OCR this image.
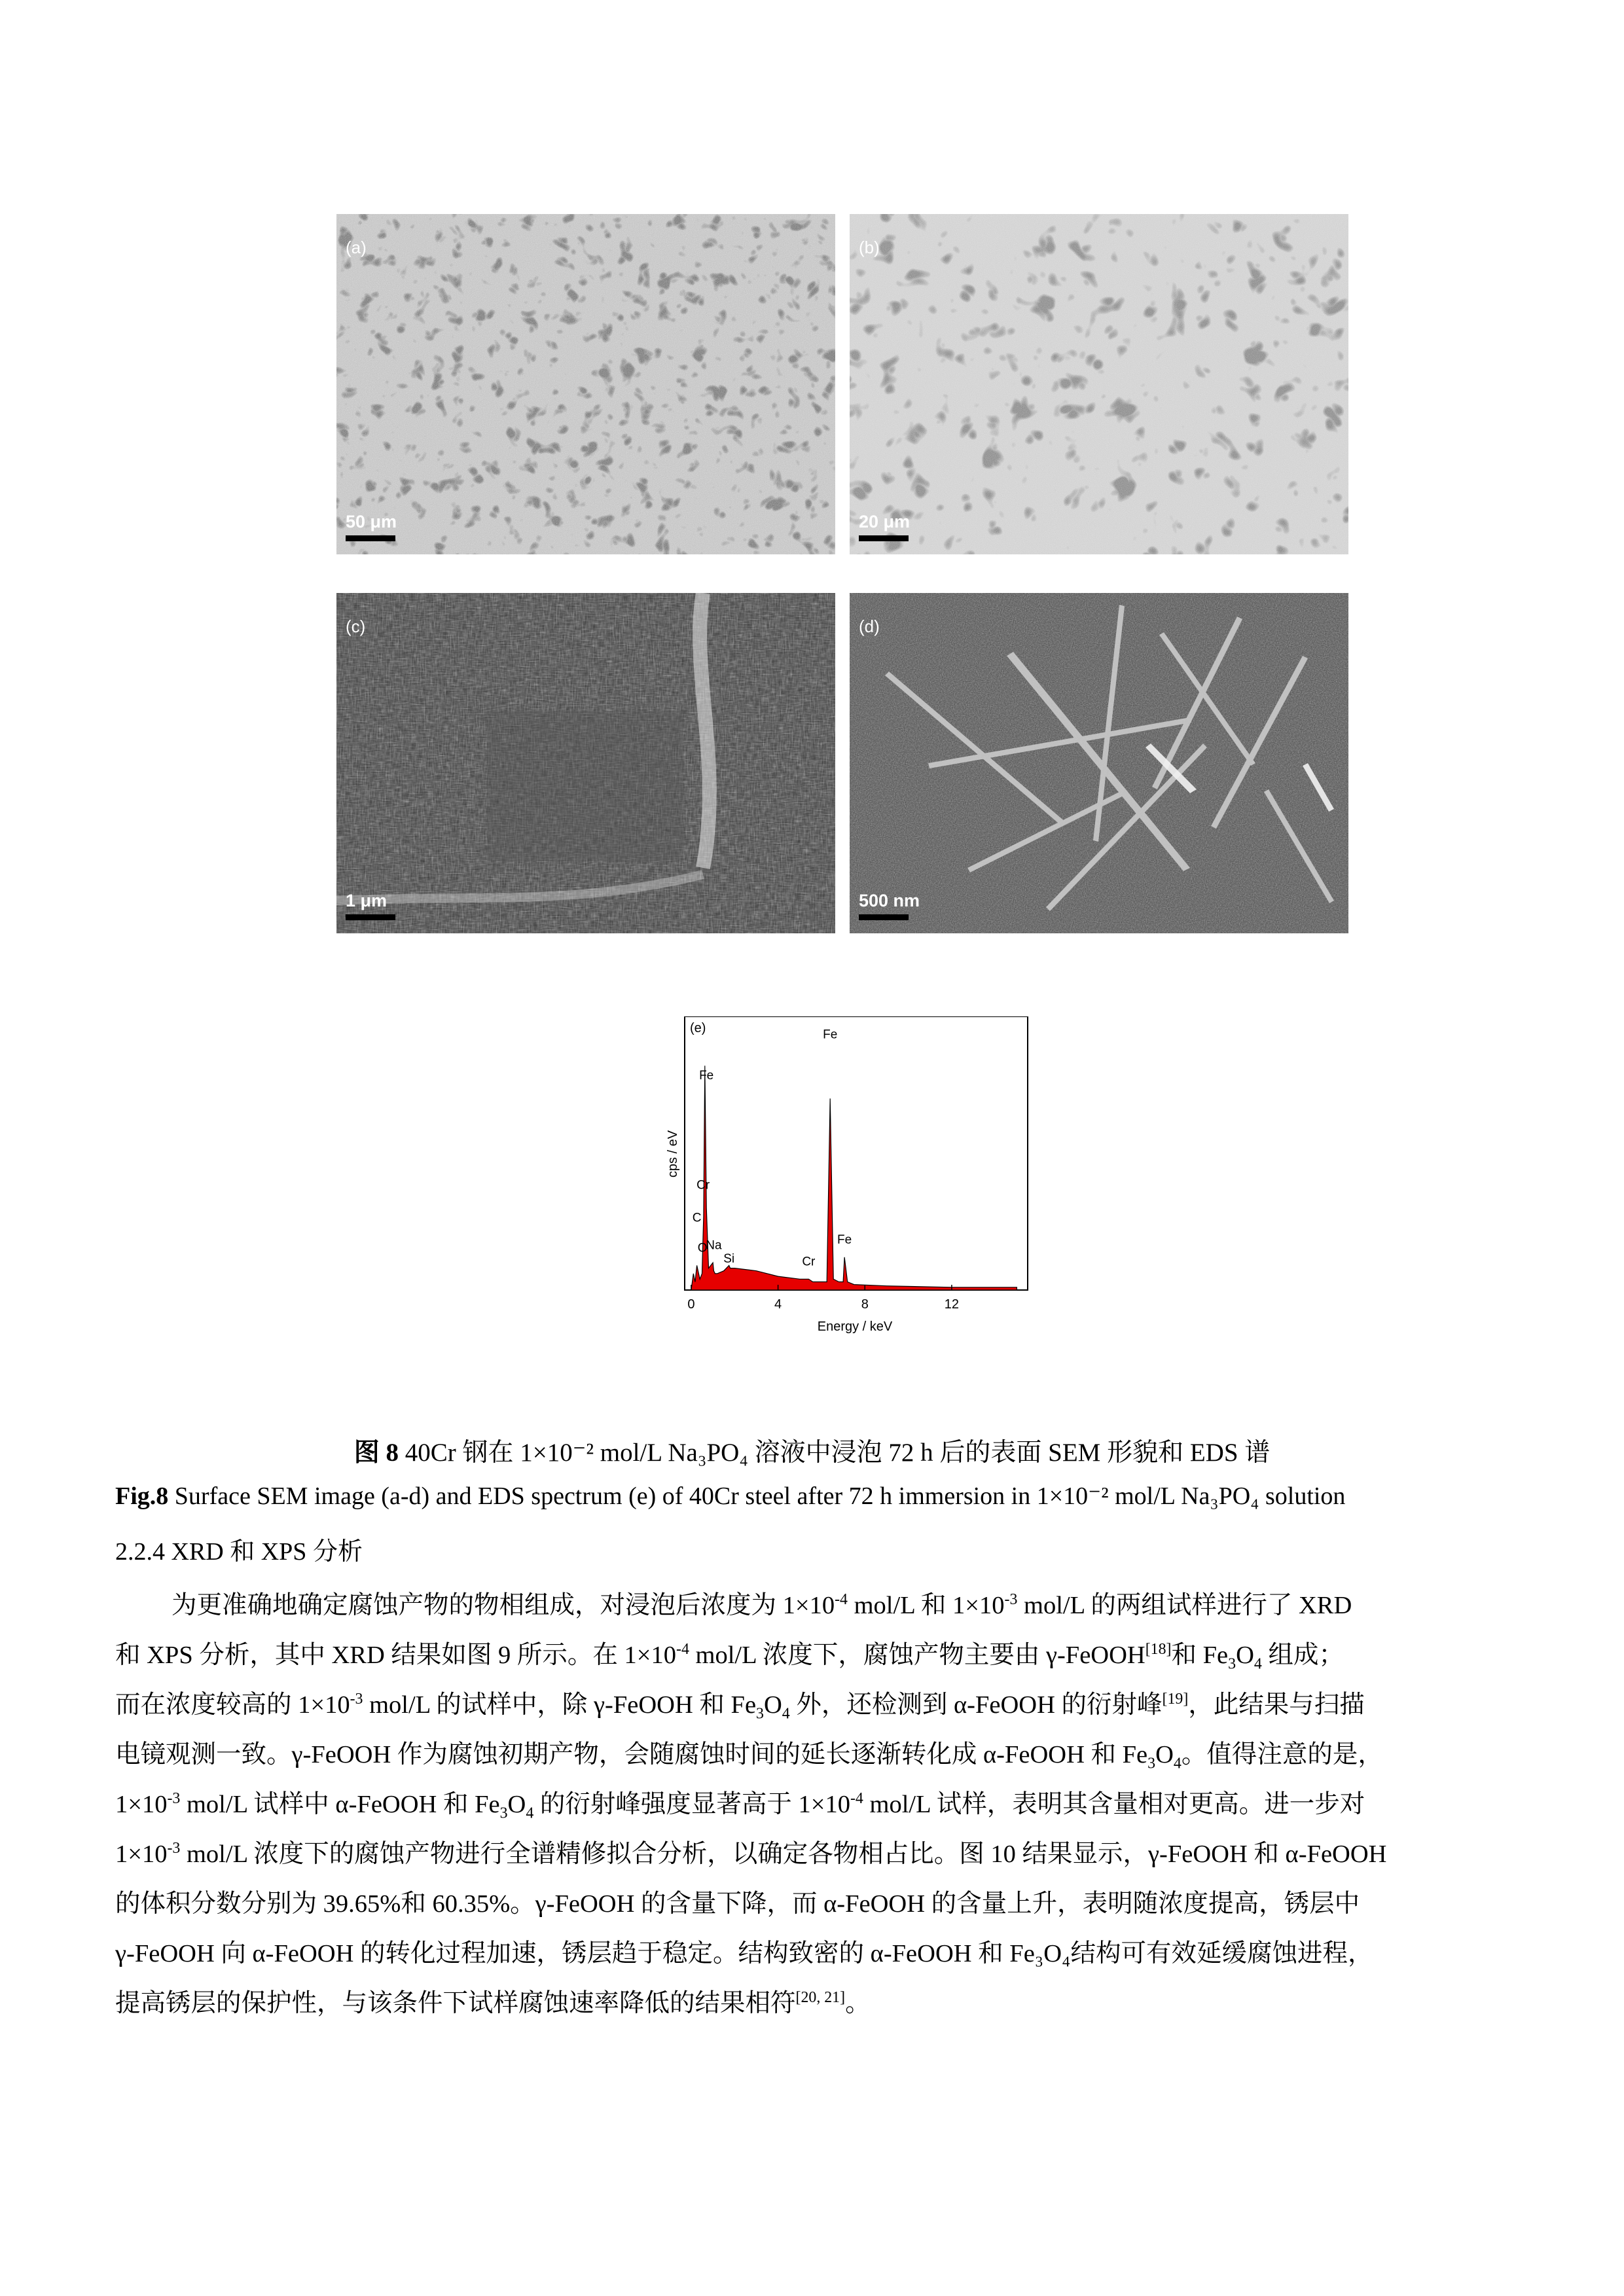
(a)
50 μm
(b)
20 μm
(c)
1 μm
(d)
500 nm
(e)
0	4	8	12
Fe
Fe
Cr
C
O
Na
Si	Cr
Fe
Energy / keV
cps / eV
图 8 40Cr 钢在 1×10⁻² mol/L Na₃PO₄ 溶液中浸泡 72 h 后的表面 SEM 形貌和 EDS 谱
Fig.8 Surface SEM image (a-d) and EDS spectrum (e) of 40Cr steel after 72 h immersion in 1×10⁻² mol/L Na₃PO₄ solution
2.2.4 XRD 和 XPS 分析
为更准确地确定腐蚀产物的物相组成，对浸泡后浓度为 $1\times 10^{-4}$ mol/L 和 $1\times 10^{-3}$ mol/L 的两组试样进行了 XRD
和 XPS 分析，其中 XRD 结果如图 9 所示。在 $1\times 10^{-4}$ mol/L 浓度下，腐蚀产物主要由 γ-FeOOH[18]和 $Fe_3O_4$ 组成；
而在浓度较高的 $1\times 10^{-3}$ mol/L 的试样中，除 γ-FeOOH 和 $Fe_3O_4$ 外，还检测到 α-FeOOH 的衍射峰[19]，此结果与扫描
电镜观测一致。γ-FeOOH 作为腐蚀初期产物，会随腐蚀时间的延长逐渐转化成 α-FeOOH 和 $Fe_3O_4$。值得注意的是，
$1\times 10^{-3}$ mol/L 试样中 α-FeOOH 和 $Fe_3O_4$ 的衍射峰强度显著高于 $1\times 10^{-4}$ mol/L 试样，表明其含量相对更高。进一步对
$1\times 10^{-3}$ mol/L 浓度下的腐蚀产物进行全谱精修拟合分析，以确定各物相占比。图 10 结果显示，γ-FeOOH 和 α-FeOOH
的体积分数分别为 39.65%和 60.35%。γ-FeOOH 的含量下降，而 α-FeOOH 的含量上升，表明随浓度提高，锈层中
γ-FeOOH 向 α-FeOOH 的转化过程加速，锈层趋于稳定。结构致密的 α-FeOOH 和 Fe₃O₄结构可有效延缓腐蚀进程，
提高锈层的保护性，与该条件下试样腐蚀速率降低的结果相符[20, 21]。
